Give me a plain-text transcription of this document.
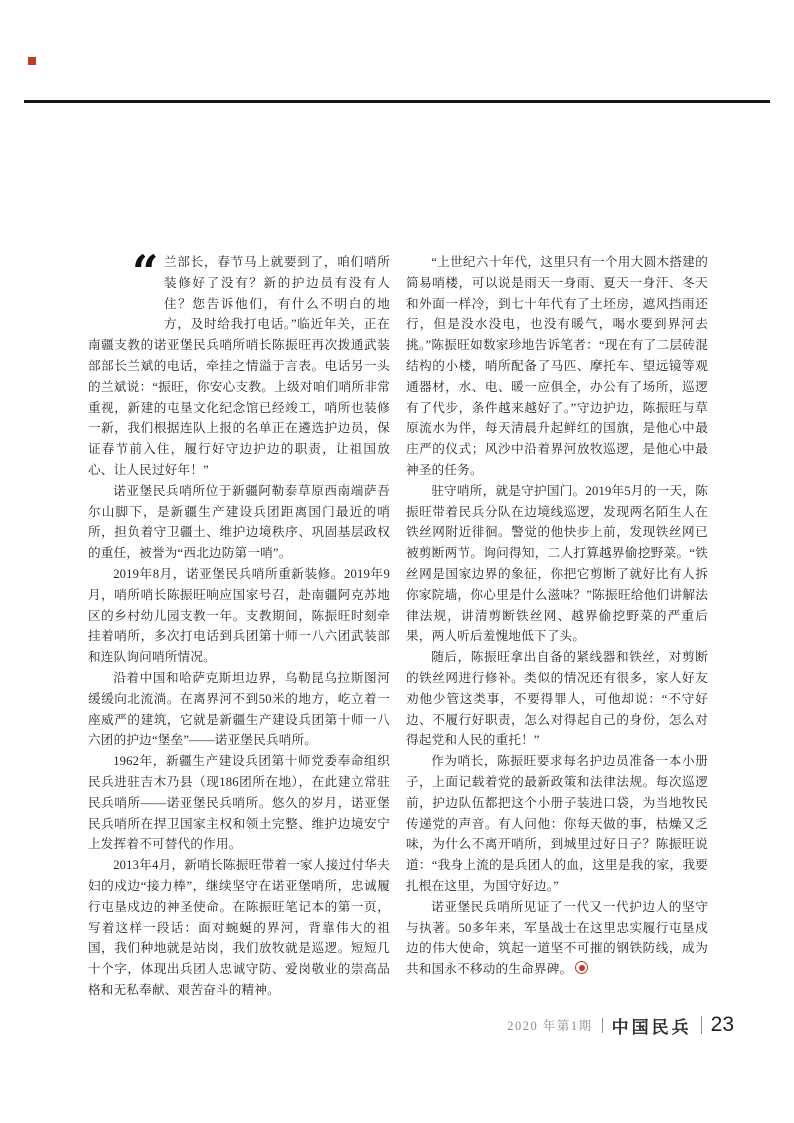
“ 兰部长，春节马上就要到了，咱们哨所装修好了没有？新的护边员有没有人住？您告诉他们，有什么不明白的地方，及时给我打电话。”临近年关，正在南疆支教的诺亚堡民兵哨所哨长陈振旺再次拨通武装部部长兰斌的电话，牵挂之情溢于言表。电话另一头的兰斌说：“振旺，你安心支教。上级对咱们哨所非常重视，新建的屯垦文化纪念馆已经竣工，哨所也装修一新，我们根据连队上报的名单正在遴选护边员，保证春节前入住，履行好守边护边的职责，让祖国放心、让人民过好年！”

诺亚堡民兵哨所位于新疆阿勒泰草原西南端萨吾尔山脚下，是新疆生产建设兵团距离国门最近的哨所，担负着守卫疆土、维护边境秩序、巩固基层政权的重任，被誉为“西北边防第一哨”。

2019年8月，诺亚堡民兵哨所重新装修。2019年9月，哨所哨长陈振旺响应国家号召，赴南疆阿克苏地区的乡村幼儿园支教一年。支教期间，陈振旺时刻牵挂着哨所，多次打电话到兵团第十师一八六团武装部和连队询问哨所情况。

沿着中国和哈萨克斯坦边界，乌勒昆乌拉斯图河缓缓向北流淌。在离界河不到50米的地方，屹立着一座威严的建筑，它就是新疆生产建设兵团第十师一八六团的护边“堡垒”——诺亚堡民兵哨所。

1962年，新疆生产建设兵团第十师党委奉命组织民兵进驻吉木乃县（现186团所在地），在此建立常驻民兵哨所——诺亚堡民兵哨所。悠久的岁月，诺亚堡民兵哨所在捍卫国家主权和领土完整、维护边境安宁上发挥着不可替代的作用。

2013年4月，新哨长陈振旺带着一家人接过付华夫妇的戍边“接力棒”，继续坚守在诺亚堡哨所，忠诚履行屯垦戍边的神圣使命。在陈振旺笔记本的第一页，写着这样一段话：面对蜿蜒的界河，背靠伟大的祖国，我们种地就是站岗，我们放牧就是巡逻。短短几十个字，体现出兵团人忠诚守防、爱岗敬业的崇高品格和无私奉献、艰苦奋斗的精神。

“上世纪六十年代，这里只有一个用大圆木搭建的简易哨楼，可以说是雨天一身雨、夏天一身汗、冬天和外面一样冷，到七十年代有了土坯房，遮风挡雨还行，但是没水没电，也没有暖气，喝水要到界河去挑。”陈振旺如数家珍地告诉笔者：“现在有了二层砖混结构的小楼，哨所配备了马匹、摩托车、望远镜等观通器材，水、电、暖一应俱全，办公有了场所，巡逻有了代步，条件越来越好了。”守边护边，陈振旺与草原流水为伴，每天清晨升起鲜红的国旗，是他心中最庄严的仪式；风沙中沿着界河放牧巡逻，是他心中最神圣的任务。

驻守哨所，就是守护国门。2019年5月的一天，陈振旺带着民兵分队在边境线巡逻，发现两名陌生人在铁丝网附近徘徊。警觉的他快步上前，发现铁丝网已被剪断两节。询问得知，二人打算越界偷挖野菜。“铁丝网是国家边界的象征，你把它剪断了就好比有人拆你家院墙，你心里是什么滋味？”陈振旺给他们讲解法律法规，讲清剪断铁丝网、越界偷挖野菜的严重后果，两人听后羞愧地低下了头。

随后，陈振旺拿出自备的紧线器和铁丝，对剪断的铁丝网进行修补。类似的情况还有很多，家人好友劝他少管这类事，不要得罪人，可他却说：“不守好边、不履行好职责，怎么对得起自己的身份，怎么对得起党和人民的重托！”

作为哨长，陈振旺要求每名护边员准备一本小册子，上面记载着党的最新政策和法律法规。每次巡逻前，护边队伍都把这个小册子装进口袋，为当地牧民传递党的声音。有人问他：你每天做的事，枯燥又乏味，为什么不离开哨所，到城里过好日子？陈振旺说道：“我身上流的是兵团人的血，这里是我的家，我要扎根在这里，为国守好边。”

诺亚堡民兵哨所见证了一代又一代护边人的坚守与执著。50多年来，军垦战士在这里忠实履行屯垦戍边的伟大使命，筑起一道坚不可摧的钢铁防线，成为共和国永不移动的生命界碑。

2020 年第1期 中国民兵 23
